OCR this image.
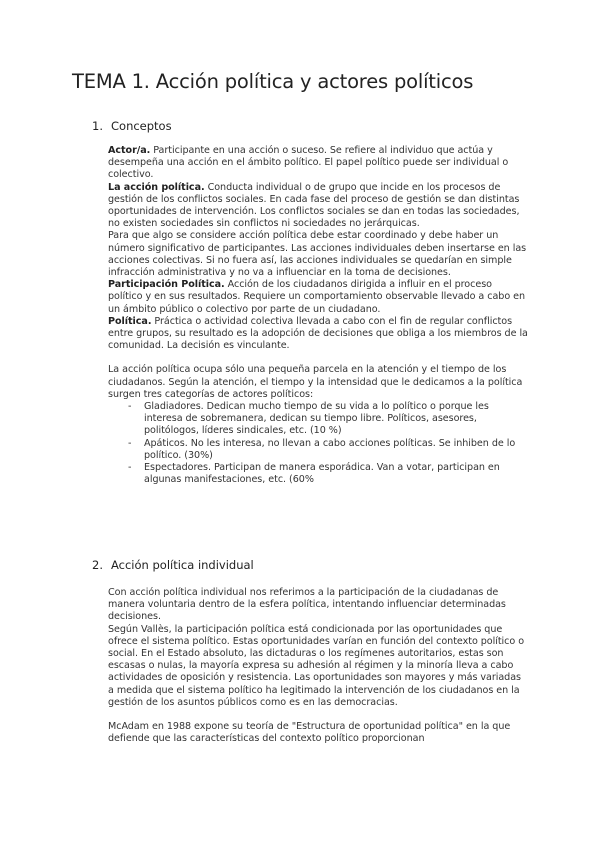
TEMA 1. Acción política y actores políticos
1. Conceptos

Actor/a. Participante en una acción o suceso. Se refiere al individuo que actúa y desempeña una acción en el ámbito político. El papel político puede ser individual o colectivo.

La acción política. Conducta individual o de grupo que incide en los procesos de gestión de los conflictos sociales. En cada fase del proceso de gestión se dan distintas oportunidades de intervención. Los conflictos sociales se dan en todas las sociedades, no existen sociedades sin conflictos ni sociedades no jerárquicas.

Para que algo se considere acción política debe estar coordinado y debe haber un número significativo de participantes. Las acciones individuales deben insertarse en las acciones colectivas. Si no fuera así, las acciones individuales se quedarían en simple infracción administrativa y no va a influenciar en la toma de decisiones.

Participación Política. Acción de los ciudadanos dirigida a influir en el proceso político y en sus resultados. Requiere un comportamiento observable llevado a cabo en un ámbito público o colectivo por parte de un ciudadano.

Política. Práctica o actividad colectiva llevada a cabo con el fin de regular conflictos entre grupos, su resultado es la adopción de decisiones que obliga a los miembros de la comunidad. La decisión es vinculante.

La acción política ocupa sólo una pequeña parcela en la atención y el tiempo de los ciudadanos. Según la atención, el tiempo y la intensidad que le dedicamos a la política surgen tres categorías de actores políticos:

- Gladiadores. Dedican mucho tiempo de su vida a lo político o porque les interesa de sobremanera, dedican su tiempo libre. Políticos, asesores, politólogos, líderes sindicales, etc. (10 %)
- Apáticos. No les interesa, no llevan a cabo acciones políticas. Se inhiben de lo político. (30%)
- Espectadores. Participan de manera esporádica. Van a votar, participan en algunas manifestaciones, etc. (60%
2. Acción política individual

Con acción política individual nos referimos a la participación de la ciudadanas de manera voluntaria dentro de la esfera política, intentando influenciar determinadas decisiones.

Según Vallès, la participación política está condicionada por las oportunidades que ofrece el sistema político. Estas oportunidades varían en función del contexto político o social. En el Estado absoluto, las dictaduras o los regímenes autoritarios, estas son escasas o nulas, la mayoría expresa su adhesión al régimen y la minoría lleva a cabo actividades de oposición y resistencia. Las oportunidades son mayores y más variadas a medida que el sistema político ha legitimado la intervención de los ciudadanos en la gestión de los asuntos públicos como es en las democracias.

McAdam en 1988 expone su teoría de "Estructura de oportunidad política" en la que defiende que las características del contexto político proporcionan
